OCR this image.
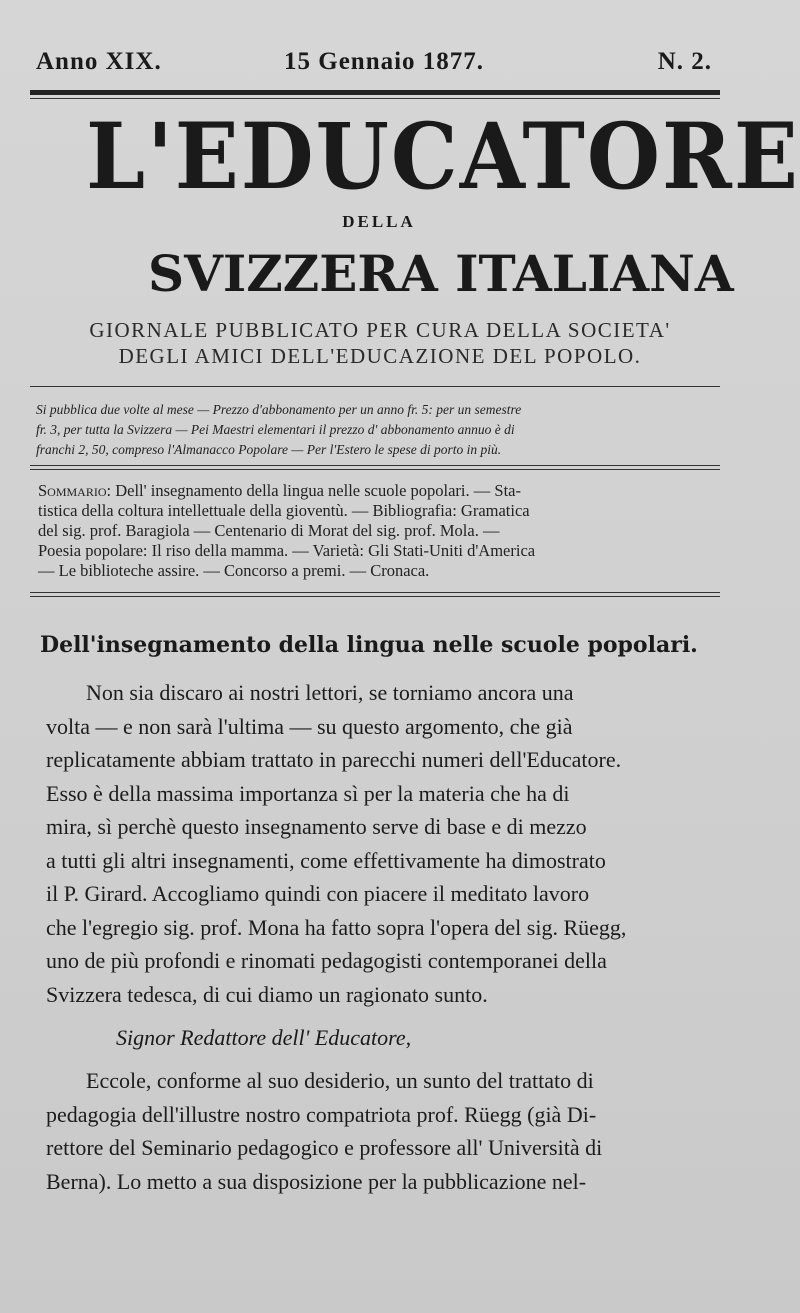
Anno XIX.	15 Gennaio 1877.	N. 2.
L'EDUCATORE
DELLA
SVIZZERA ITALIANA
GIORNALE PUBBLICATO PER CURA DELLA SOCIETA'
DEGLI AMICI DELL'EDUCAZIONE DEL POPOLO.
Si pubblica due volte al mese — Prezzo d'abbonamento per un anno fr. 5: per un semestre
fr. 3, per tutta la Svizzera — Pei Maestri elementari il prezzo d' abbonamento annuo è di
franchi 2, 50, compreso l'Almanacco Popolare — Per l'Estero le spese di porto in più.
Sommario: Dell' insegnamento della lingua nelle scuole popolari. — Sta-
tistica della coltura intellettuale della gioventù. — Bibliografia: Gramatica
del sig. prof. Baragiola — Centenario di Morat del sig. prof. Mola. —
Poesia popolare: Il riso della mamma. — Varietà: Gli Stati-Uniti d'America
— Le biblioteche assire. — Concorso a premi. — Cronaca.
Dell'insegnamento della lingua nelle scuole popolari.
Non sia discaro ai nostri lettori, se torniamo ancora una
volta — e non sarà l'ultima — su questo argomento, che già
replicatamente abbiam trattato in parecchi numeri dell'Educatore.
Esso è della massima importanza sì per la materia che ha di
mira, sì perchè questo insegnamento serve di base e di mezzo
a tutti gli altri insegnamenti, come effettivamente ha dimostrato
il P. Girard. Accogliamo quindi con piacere il meditato lavoro
che l'egregio sig. prof. Mona ha fatto sopra l'opera del sig. Rüegg,
uno de più profondi e rinomati pedagogisti contemporanei della
Svizzera tedesca, di cui diamo un ragionato sunto.
Signor Redattore dell' Educatore,
Eccole, conforme al suo desiderio, un sunto del trattato di
pedagogia dell'illustre nostro compatriota prof. Rüegg (già Di-
rettore del Seminario pedagogico e professore all' Università di
Berna). Lo metto a sua disposizione per la pubblicazione nel-
